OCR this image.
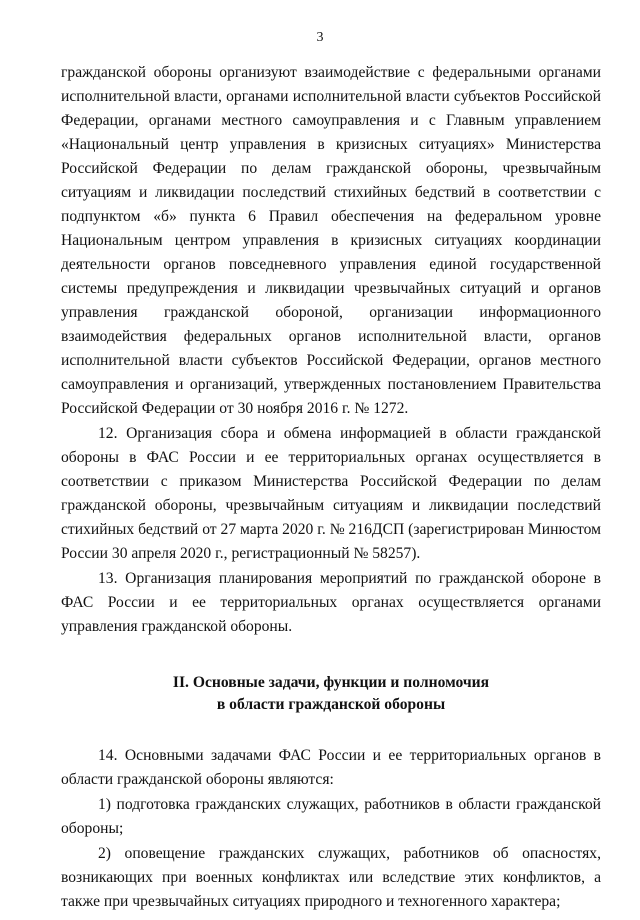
3

гражданской обороны организуют взаимодействие с федеральными органами исполнительной власти, органами исполнительной власти субъектов Российской Федерации, органами местного самоуправления и с Главным управлением «Национальный центр управления в кризисных ситуациях» Министерства Российской Федерации по делам гражданской обороны, чрезвычайным ситуациям и ликвидации последствий стихийных бедствий в соответствии с подпунктом «б» пункта 6 Правил обеспечения на федеральном уровне Национальным центром управления в кризисных ситуациях координации деятельности органов повседневного управления единой государственной системы предупреждения и ликвидации чрезвычайных ситуаций и органов управления гражданской обороной, организации информационного взаимодействия федеральных органов исполнительной власти, органов исполнительной власти субъектов Российской Федерации, органов местного самоуправления и организаций, утвержденных постановлением Правительства Российской Федерации от 30 ноября 2016 г. № 1272.

12. Организация сбора и обмена информацией в области гражданской обороны в ФАС России и ее территориальных органах осуществляется в соответствии с приказом Министерства Российской Федерации по делам гражданской обороны, чрезвычайным ситуациям и ликвидации последствий стихийных бедствий от 27 марта 2020 г. № 216ДСП (зарегистрирован Минюстом России 30 апреля 2020 г., регистрационный № 58257).

13. Организация планирования мероприятий по гражданской обороне в ФАС России и ее территориальных органах осуществляется органами управления гражданской обороны.

II. Основные задачи, функции и полномочия
в области гражданской обороны

14. Основными задачами ФАС России и ее территориальных органов в области гражданской обороны являются:

1) подготовка гражданских служащих, работников в области гражданской обороны;

2) оповещение гражданских служащих, работников об опасностях, возникающих при военных конфликтах или вследствие этих конфликтов, а также при чрезвычайных ситуациях природного и техногенного характера;
